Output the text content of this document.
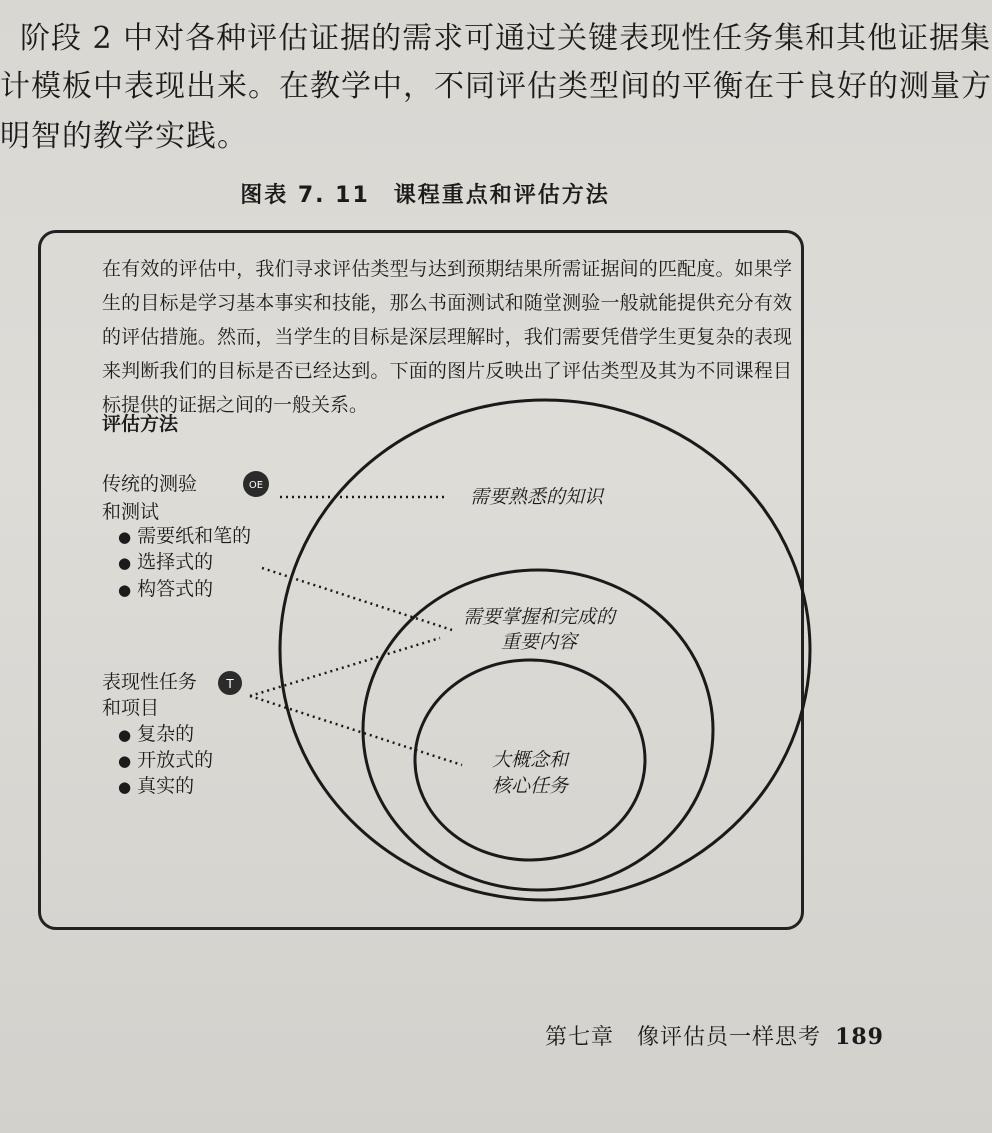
阶段 2 中对各种评估证据的需求可通过关键表现性任务集和其他证据集
计模板中表现出来。在教学中，不同评估类型间的平衡在于良好的测量方
明智的教学实践。
图表 7. 11　课程重点和评估方法
在有效的评估中，我们寻求评估类型与达到预期结果所需证据间的匹配度。如果学生的目标是学习基本事实和技能，那么书面测试和随堂测验一般就能提供充分有效的评估措施。然而，当学生的目标是深层理解时，我们需要凭借学生更复杂的表现来判断我们的目标是否已经达到。下面的图片反映出了评估类型及其为不同课程目标提供的证据之间的一般关系。
OE
T
评估方法
传统的测验
和测试
● 需要纸和笔的
● 选择式的
● 构答式的
表现性任务
和项目
● 复杂的
● 开放式的
● 真实的
需要熟悉的知识
需要掌握和完成的
重要内容
大概念和
核心任务
第七章　像评估员一样思考 189
